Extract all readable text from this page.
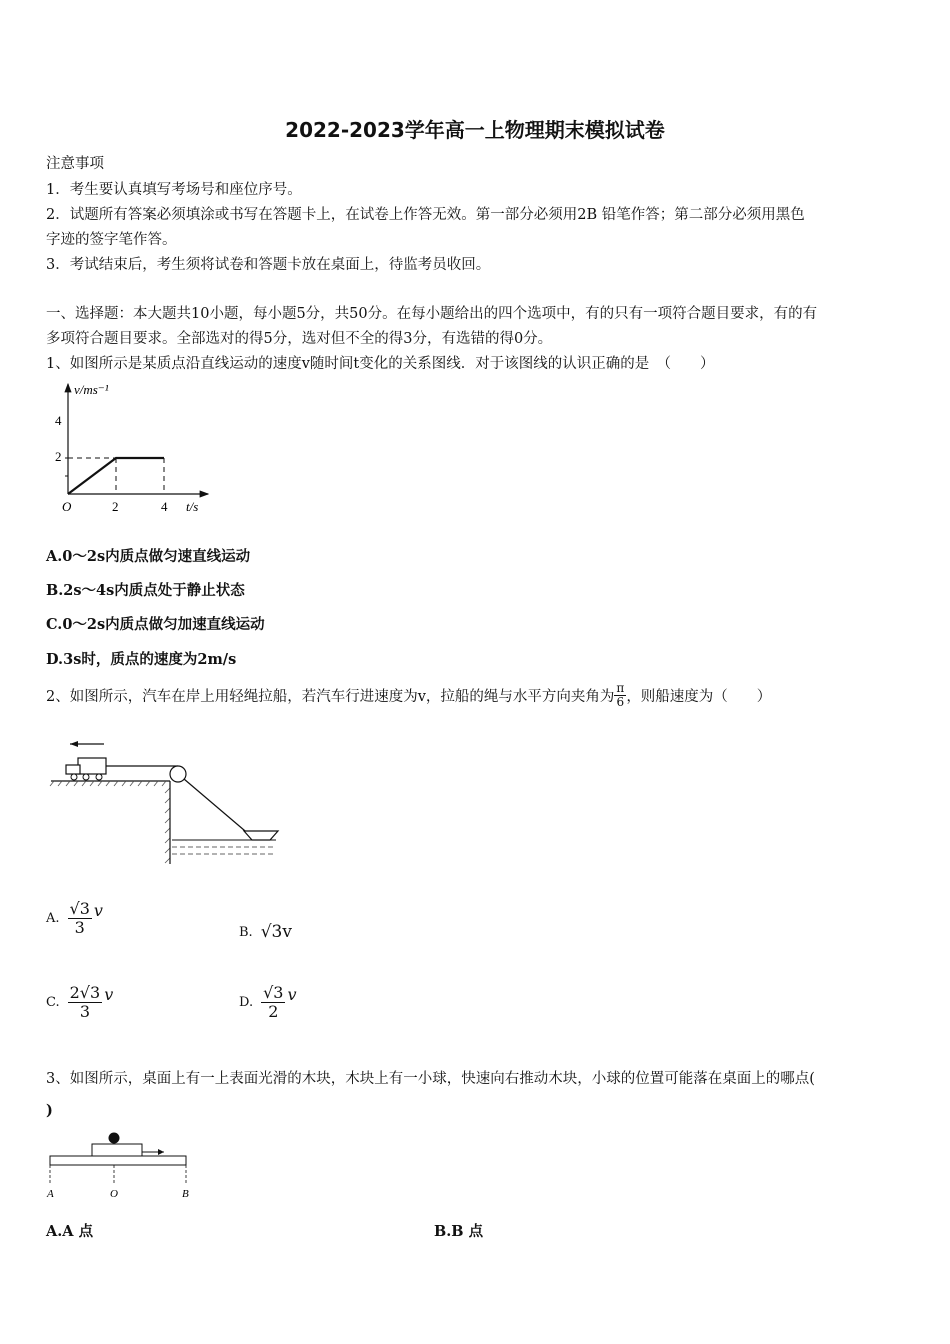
2022-2023学年高一上物理期末模拟试卷
注意事项
1．考生要认真填写考场号和座位序号。
2．试题所有答案必须填涂或书写在答题卡上，在试卷上作答无效。第一部分必须用2B 铅笔作答；第二部分必须用黑色
字迹的签字笔作答。
3．考试结束后，考生须将试卷和答题卡放在桌面上，待监考员收回。
一、选择题：本大题共10小题，每小题5分，共50分。在每小题给出的四个选项中，有的只有一项符合题目要求，有的有
多项符合题目要求。全部选对的得5分，选对但不全的得3分，有选错的得0分。
1、如图所示是某质点沿直线运动的速度v随时间t变化的关系图线．对于该图线的认识正确的是　（　　）
v/ms⁻¹
t/s
O
2
4
2	4
A.0～2s内质点做匀速直线运动
B.2s～4s内质点处于静止状态
C.0～2s内质点做匀加速直线运动
D.3s时，质点的速度为2m/s
2、如图所示，汽车在岸上用轻绳拉船，若汽车行进速度为v，拉船的绳与水平方向夹角为 $\frac{\pi}{6}$ ，则船速度为（　　）
A. $\frac{√3}{3}$ v
B. √3v
C. $\frac{2√3}{3}$ v	D. $\frac{√3}{2}$ v
3、如图所示，桌面上有一上表面光滑的木块，木块上有一小球，快速向右推动木块，小球的位置可能落在桌面上的哪点(
)
A	O	B
A.A 点	B.B 点
